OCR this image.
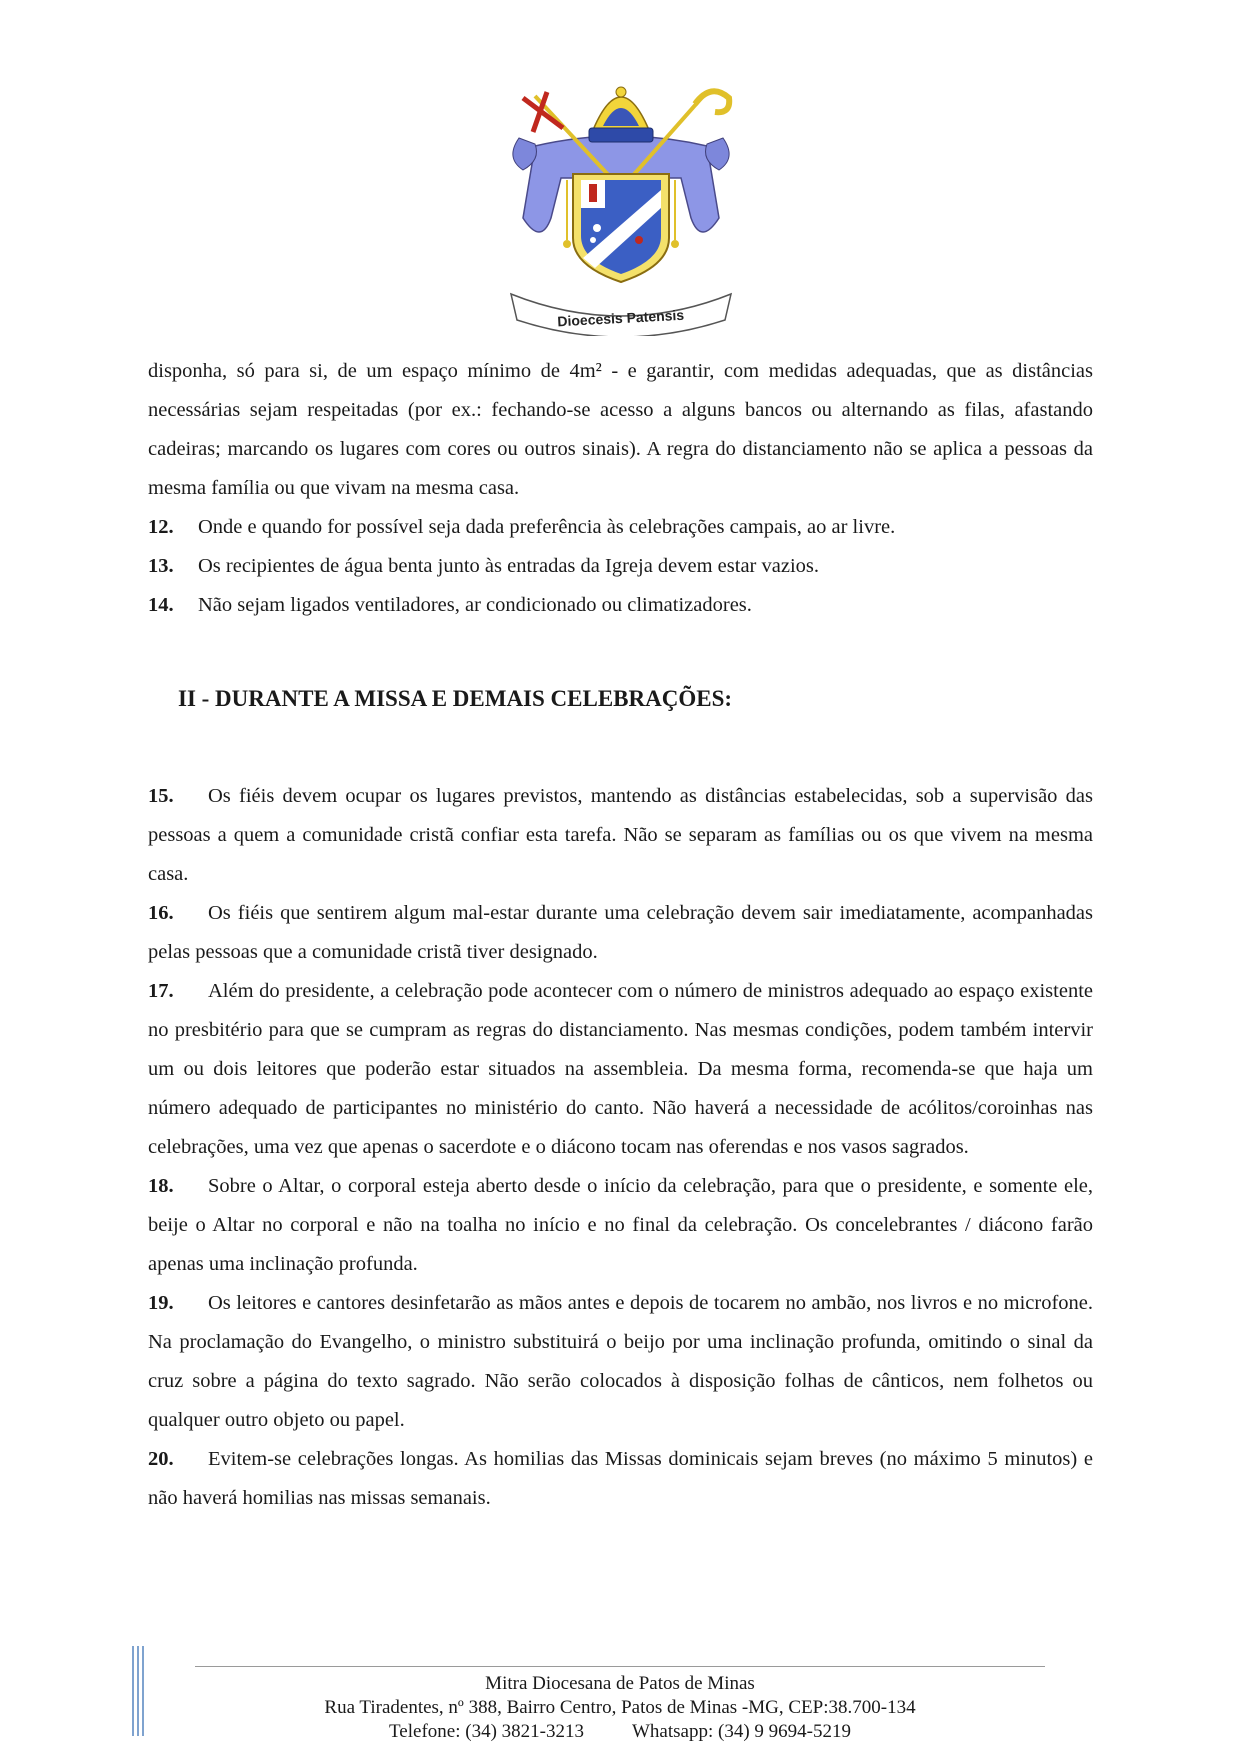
Dioecesis Patensis

disponha, só para si, de um espaço mínimo de 4m² - e garantir, com medidas adequadas, que as distâncias necessárias sejam respeitadas (por ex.: fechando-se acesso a alguns bancos ou alternando as filas, afastando cadeiras; marcando os lugares com cores ou outros sinais). A regra do distanciamento não se aplica a pessoas da mesma família ou que vivam na mesma casa.

12.	Onde e quando for possível seja dada preferência às celebrações campais, ao ar livre.

13.	Os recipientes de água benta junto às entradas da Igreja devem estar vazios.

14.	Não sejam ligados ventiladores, ar condicionado ou climatizadores.

II - DURANTE A MISSA E DEMAIS CELEBRAÇÕES:

15. Os fiéis devem ocupar os lugares previstos, mantendo as distâncias estabelecidas, sob a supervisão das pessoas a quem a comunidade cristã confiar esta tarefa. Não se separam as famílias ou os que vivem na mesma casa.

16. Os fiéis que sentirem algum mal-estar durante uma celebração devem sair imediatamente, acompanhadas pelas pessoas que a comunidade cristã tiver designado.

17. Além do presidente, a celebração pode acontecer com o número de ministros adequado ao espaço existente no presbitério para que se cumpram as regras do distanciamento. Nas mesmas condições, podem também intervir um ou dois leitores que poderão estar situados na assembleia. Da mesma forma, recomenda-se que haja um número adequado de participantes no ministério do canto. Não haverá a necessidade de acólitos/coroinhas nas celebrações, uma vez que apenas o sacerdote e o diácono tocam nas oferendas e nos vasos sagrados.

18. Sobre o Altar, o corporal esteja aberto desde o início da celebração, para que o presidente, e somente ele, beije o Altar no corporal e não na toalha no início e no final da celebração. Os concelebrantes / diácono farão apenas uma inclinação profunda.

19. Os leitores e cantores desinfetarão as mãos antes e depois de tocarem no ambão, nos livros e no microfone. Na proclamação do Evangelho, o ministro substituirá o beijo por uma inclinação profunda, omitindo o sinal da cruz sobre a página do texto sagrado. Não serão colocados à disposição folhas de cânticos, nem folhetos ou qualquer outro objeto ou papel.

20. Evitem-se celebrações longas. As homilias das Missas dominicais sejam breves (no máximo 5 minutos) e não haverá homilias nas missas semanais.

Mitra Diocesana de Patos de Minas
Rua Tiradentes, nº 388, Bairro Centro, Patos de Minas -MG, CEP:38.700-134
Telefone: (34) 3821-3213	Whatsapp: (34) 9 9694-5219
